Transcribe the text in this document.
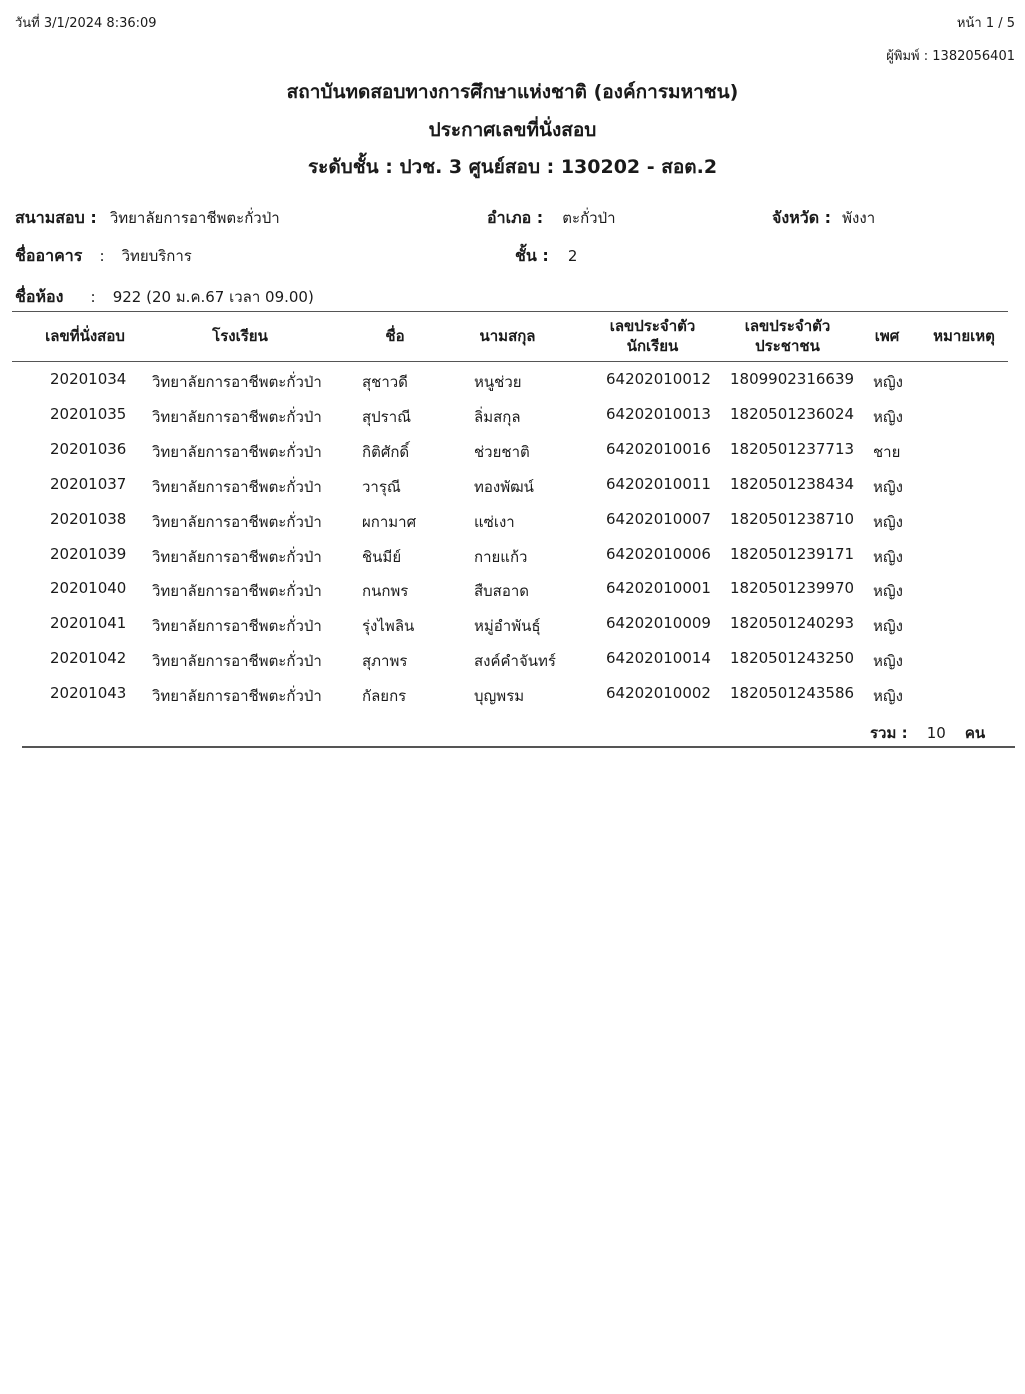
วันที่ 3/1/2024 8:36:09	หน้า 1 / 5
ผู้พิมพ์ : 1382056401
สถาบันทดสอบทางการศึกษาแห่งชาติ (องค์การมหาชน)
ประกาศเลขที่นั่งสอบ
ระดับชั้น : ปวช. 3 ศูนย์สอบ : 130202 - สอต.2
สนามสอบ : วิทยาลัยการอาชีพตะกั่วป่า	อำเภอ : ตะกั่วป่า	จังหวัด : พังงา
ชื่ออาคาร : วิทยบริการ	ชั้น : 2
ชื่อห้อง : 922 (20 ม.ค.67 เวลา 09.00)
เลขที่นั่งสอบ	โรงเรียน	ชื่อ	นามสกุล
เลขประจำตัว
นักเรียน
เลขประจำตัว
ประชาชน
เพศ	หมายเหตุ
20201034 วิทยาลัยการอาชีพตะกั่วป่า	สุชาวดี	หนูช่วย	64202010012 1809902316639 หญิง
20201035 วิทยาลัยการอาชีพตะกั่วป่า	สุปราณี	ลิ่มสกุล	64202010013 1820501236024 หญิง
20201036 วิทยาลัยการอาชีพตะกั่วป่า	กิติศักดิ์	ช่วยชาติ	64202010016 1820501237713 ชาย
20201037 วิทยาลัยการอาชีพตะกั่วป่า	วารุณี	ทองพัฒน์	64202010011 1820501238434 หญิง
20201038 วิทยาลัยการอาชีพตะกั่วป่า	ผกามาศ	แซ่เงา	64202010007 1820501238710 หญิง
20201039 วิทยาลัยการอาชีพตะกั่วป่า	ชินมีย์	กายแก้ว	64202010006 1820501239171 หญิง
20201040 วิทยาลัยการอาชีพตะกั่วป่า	กนกพร	สืบสอาด	64202010001 1820501239970 หญิง
20201041 วิทยาลัยการอาชีพตะกั่วป่า	รุ่งไพลิน	หมู่อำพันธุ์	64202010009 1820501240293 หญิง
20201042 วิทยาลัยการอาชีพตะกั่วป่า	สุภาพร	สงค์คำจันทร์	64202010014 1820501243250 หญิง
20201043 วิทยาลัยการอาชีพตะกั่วป่า	กัลยกร	บุญพรม	64202010002 1820501243586 หญิง
รวม : 10 คน
